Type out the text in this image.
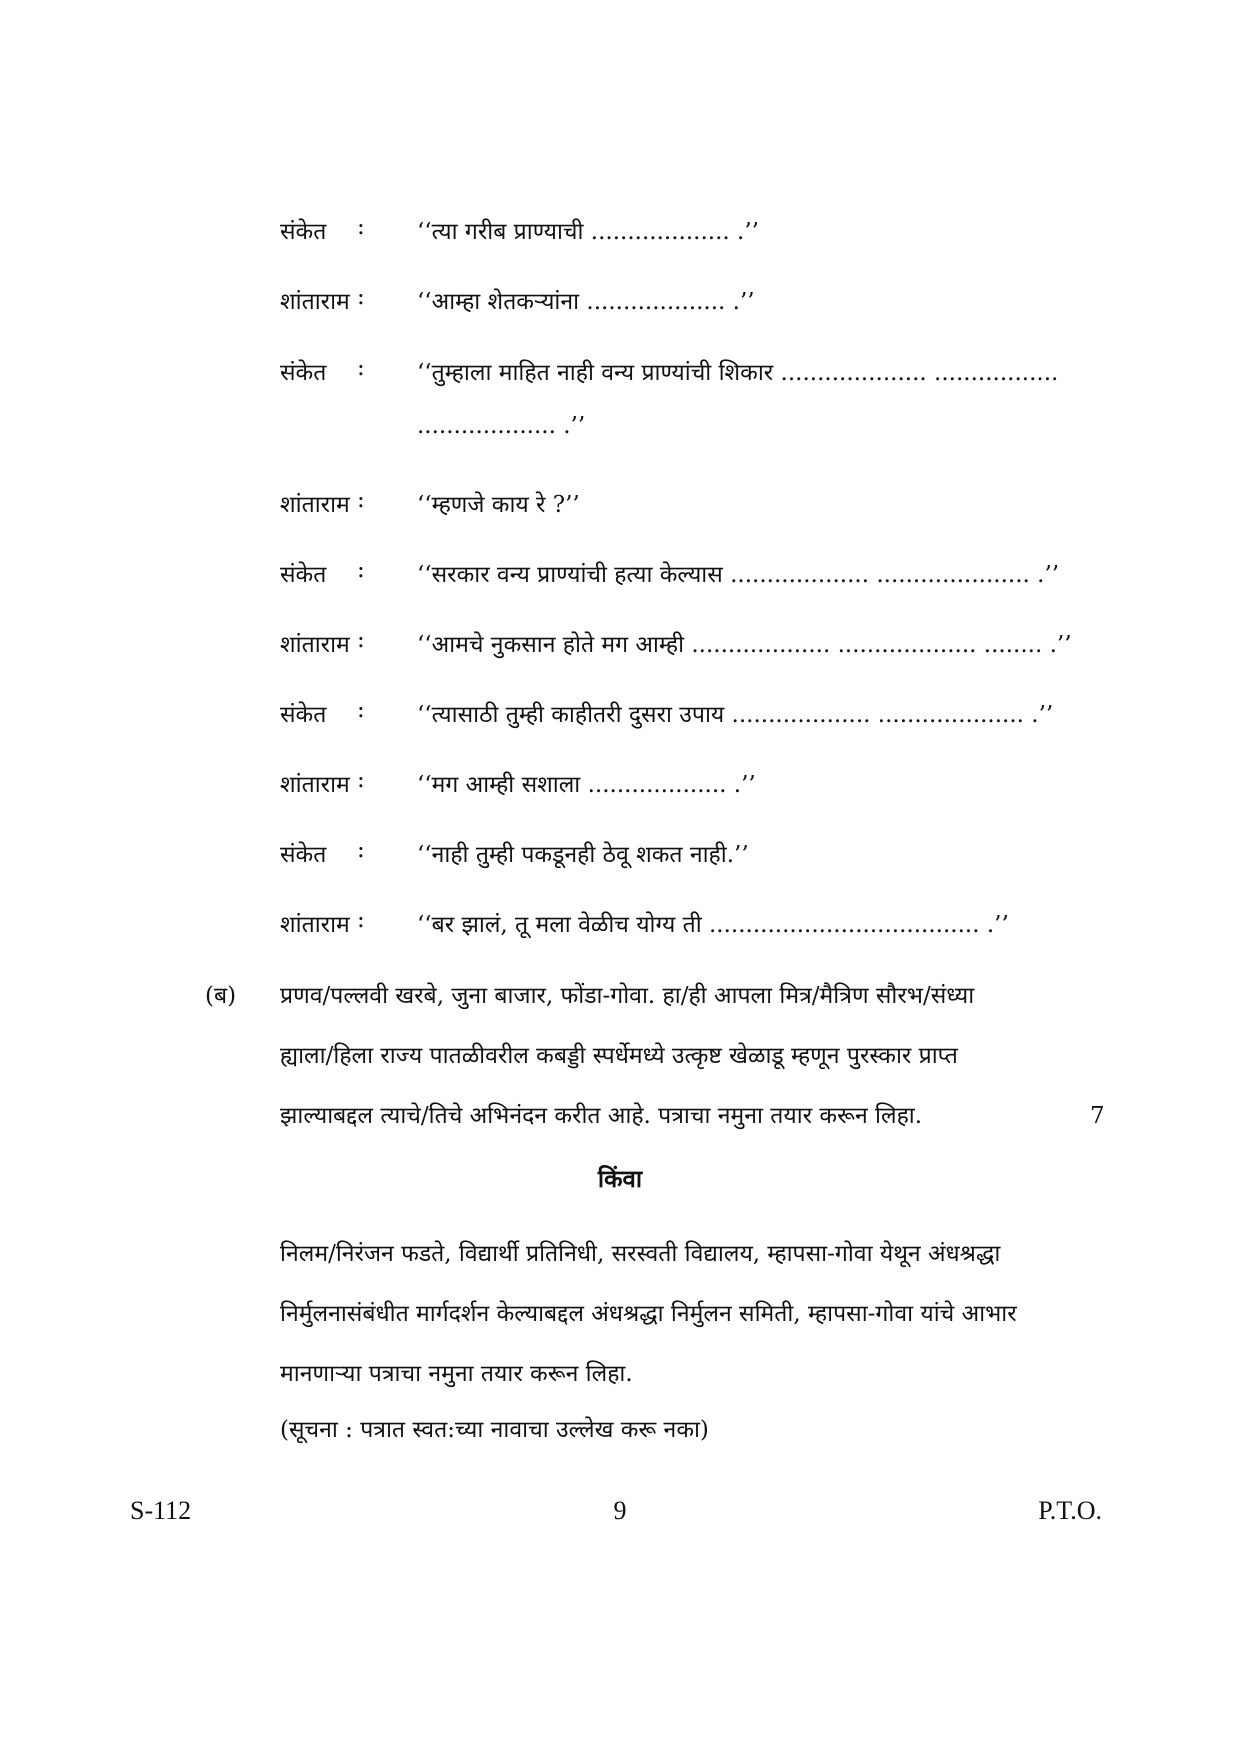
संकेत : ‘‘त्या गरीब प्राण्याची ................... .’’
शांताराम : ‘‘आम्हा शेतकऱ्यांना ................... .’’
संकेत : ‘‘तुम्हाला माहित नाही वन्य प्राण्यांची शिकार .................... .................
................... .’’
शांताराम : ‘‘म्हणजे काय रे ?’’
संकेत : ‘‘सरकार वन्य प्राण्यांची हत्या केल्यास ................... ..................... .’’
शांताराम : ‘‘आमचे नुकसान होते मग आम्ही ................... ................... ........ .’’
संकेत : ‘‘त्यासाठी तुम्ही काहीतरी दुसरा उपाय ................... .................... .’’
शांताराम : ‘‘मग आम्ही सशाला ................... .’’
संकेत : ‘‘नाही तुम्ही पकडूनही ठेवू शकत नाही.’’
शांताराम : ‘‘बर झालं, तू मला वेळीच योग्य ती ..................................... .’’
(ब) प्रणव/पल्लवी खरबे, जुना बाजार, फोंडा-गोवा. हा/ही आपला मित्र/मैत्रिण सौरभ/संध्या
ह्याला/हिला राज्य पातळीवरील कबड्डी स्पर्धेमध्ये उत्कृष्ट खेळाडू म्हणून पुरस्कार प्राप्त
झाल्याबद्दल त्याचे/तिचे अभिनंदन करीत आहे. पत्राचा नमुना तयार करून लिहा.	7
किंवा
निलम/निरंजन फडते, विद्यार्थी प्रतिनिधी, सरस्वती विद्यालय, म्हापसा-गोवा येथून अंधश्रद्धा
निर्मुलनासंबंधीत मार्गदर्शन केल्याबद्दल अंधश्रद्धा निर्मुलन समिती, म्हापसा-गोवा यांचे आभार
मानणाऱ्या पत्राचा नमुना तयार करून लिहा.
(सूचना : पत्रात स्वत:च्या नावाचा उल्लेख करू नका)
S-112	9	P.T.O.
